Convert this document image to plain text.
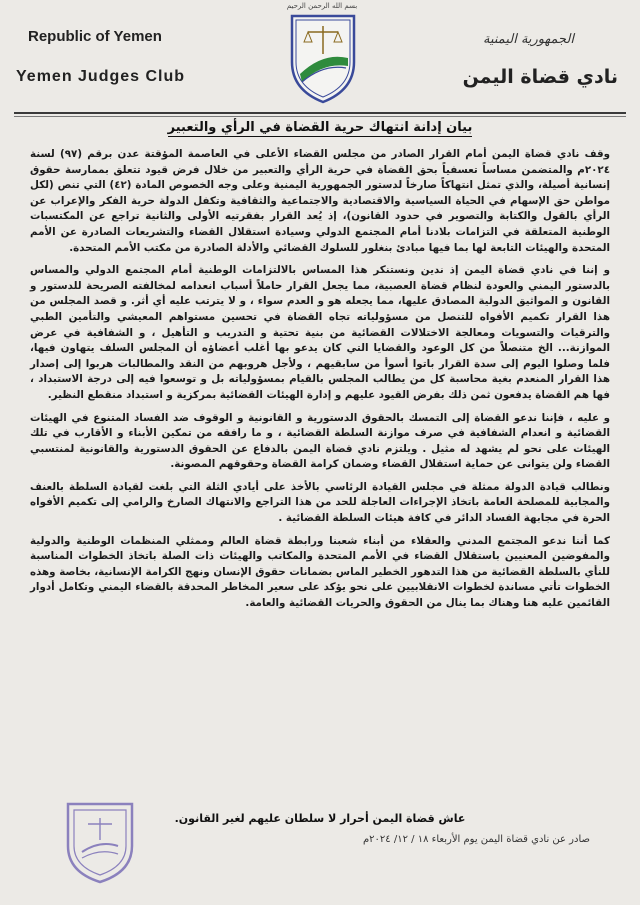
بسم الله الرحمن الرحيم
Republic of Yemen
Yemen Judges Club
الجمهورية اليمنية
نادي قضاة اليمن
بيان إدانة انتهاك حرية القضاة في الرأي والتعبير

وقف نادي قضاة اليمن أمام القرار الصادر من مجلس القضاء الأعلى في العاصمة المؤقتة عدن برقم (٩٧) لسنة ٢٠٢٤م والمتضمن مساساً تعسفياً بحق القضاة في حرية الرأي والتعبير من خلال فرض قيود تتعلق بممارسة حقوق إنسانية أصيلة، والذي تمثل انتهاكاً صارخاً لدستور الجمهورية اليمنية وعلى وجه الخصوص المادة (٤٢) التي تنص (لكل مواطن حق الإسهام في الحياة السياسية والاقتصادية والاجتماعية والثقافية وتكفل الدولة حرية الفكر والإعراب عن الرأي بالقول والكتابة والتصوير في حدود القانون)، إذ يُعد القرار بفقرتيه الأولى والثانية تراجع عن المكتسبات الوطنية المتعلقة في التزامات بلادنا أمام المجتمع الدولي وسيادة استقلال القضاء والتشريعات الصادرة عن الأمم المتحدة والهيئات التابعة لها بما فيها مبادئ بنغلور للسلوك القضائي والأدلة الصادرة من مكتب الأمم المتحدة.

و إننا في نادي قضاة اليمن إذ ندين ونستنكر هذا المساس بالالتزامات الوطنية أمام المجتمع الدولي والمساس بالدستور اليمني والعودة لنظام قضاة العصبية، مما يجعل القرار حاملاً أسباب انعدامه لمخالفته الصريحة للدستور و القانون و المواثيق الدولية المصادق عليها، مما يجعله هو و العدم سواء ، و لا يترتب عليه أي أثر. و قصد المجلس من هذا القرار تكميم الأفواه للتنصل من مسؤولياته تجاه القضاة في تحسين مستواهم المعيشي والتأمين الطبي والترقيات والتسويات ومعالجة الاختلالات القضائية من بنية تحتية و التدريب و التأهيل ، و الشفافية في عرض الموازنة... الخ متنصلاً من كل الوعود والقضايا التي كان يدعو بها أغلب أعضاؤه أن المجلس السلف يتهاون فيها، فلما وصلوا اليوم إلى سدة القرار باتوا أسوأ من سابقيهم ، ولأجل هروبهم من النقد والمطالبات هربوا إلى إصدار هذا القرار المنعدم بغية محاسبة كل من يطالب المجلس بالقيام بمسؤولياته بل و توسعوا فيه إلى درجة الاستبداد ، فها هم القضاة يدفعون ثمن ذلك بفرض القيود عليهم و إدارة الهيئات القضائية بمركزية و استبداد منقطع النظير.

و عليه ، فإننا ندعو القضاة إلى التمسك بالحقوق الدستورية و القانونية و الوقوف ضد الفساد المتنوع في الهيئات القضائية و انعدام الشفافية في صرف موازنة السلطة القضائية ، و ما رافقه من تمكين الأبناء و الأقارب في تلك الهيئات على نحو لم يشهد له مثيل . ويلتزم نادي قضاة اليمن بالدفاع عن الحقوق الدستورية والقانونية لمنتسبي القضاء ولن يتوانى عن حماية استقلال القضاء وضمان كرامة القضاة وحقوقهم المصونة.

ونطالب قيادة الدولة ممثلة في مجلس القيادة الرئاسي بالأخذ على أيادي الثلة التي بلغت لقيادة السلطة بالعنف والمجابية للمصلحة العامة باتخاذ الإجراءات العاجلة للحد من هذا التراجع والانتهاك الصارخ والرامي إلى تكميم الأفواه الحرة في مجابهة الفساد الدائر في كافة هيئات السلطة القضائية .

كما أننا ندعو المجتمع المدني والعقلاء من أبناء شعبنا ورابطة قضاة العالم وممثلي المنظمات الوطنية والدولية والمفوضين المعنيين باستقلال القضاء في الأمم المتحدة والمكاتب والهيئات ذات الصلة باتخاذ الخطوات المناسبة للنأي بالسلطة القضائية من هذا التدهور الخطير الماس بضمانات حقوق الإنسان ونهج الكرامة الإنسانية، بخاصة وهذه الخطوات تأتي مساندة لخطوات الانقلابيين على نحو يؤكد على سعير المخاطر المحدقة بالقضاء اليمني وتكامل أدوار القائمين عليه هنا وهناك بما ينال من الحقوق والحريات القضائية والعامة.

عاش قضاة اليمن أحرار لا سلطان عليهم لغير القانون.
صادر عن نادي قضاة اليمن يوم الأربعاء ١٨ / ١٢/ ٢٠٢٤م
